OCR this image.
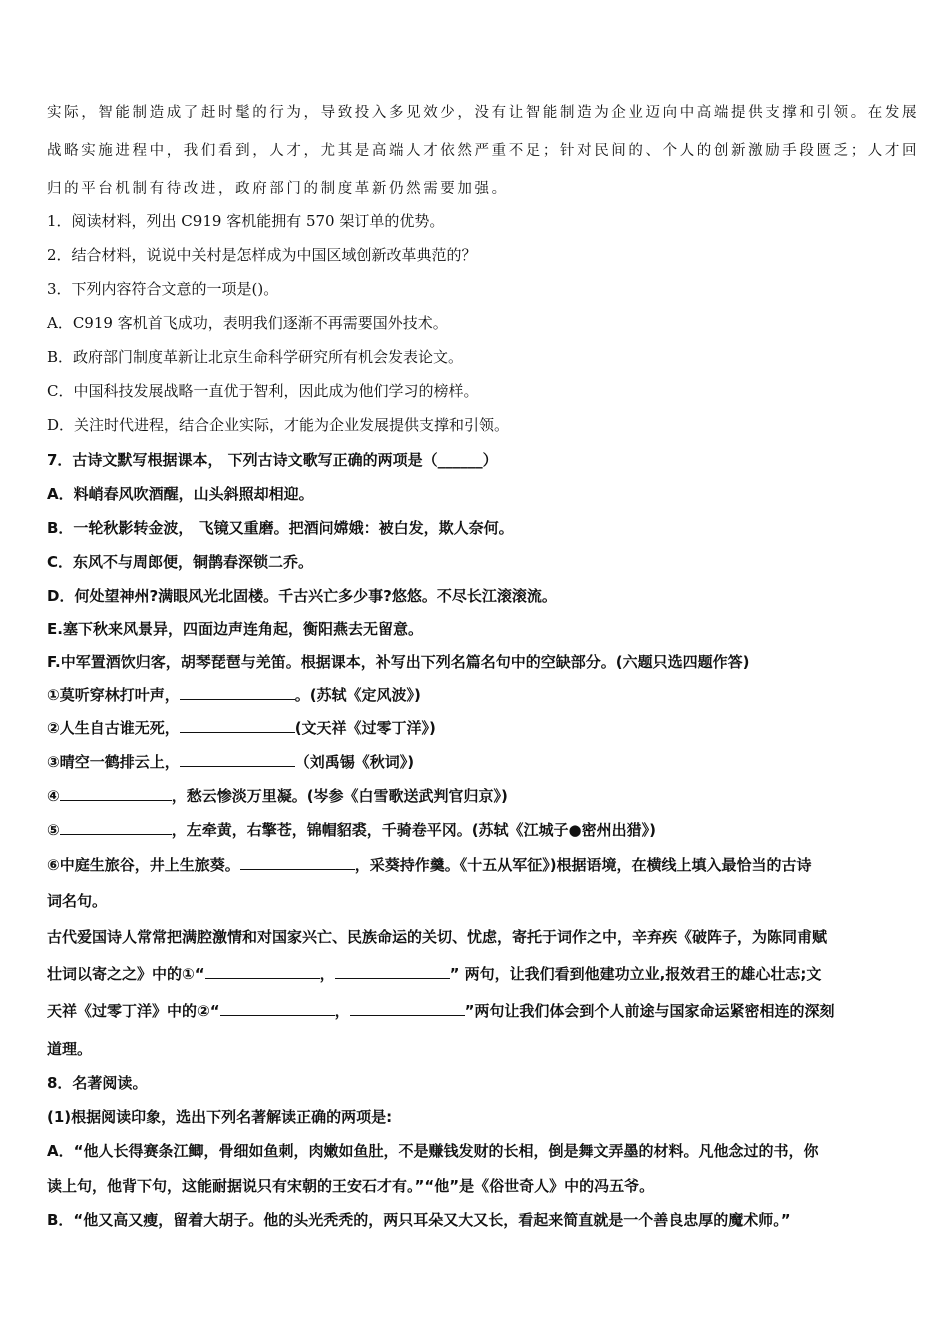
实际，智能制造成了赶时髦的行为，导致投入多见效少，没有让智能制造为企业迈向中高端提供支撑和引领。在发展
战略实施进程中，我们看到，人才，尤其是高端人才依然严重不足；针对民间的、个人的创新激励手段匮乏；人才回
归的平台机制有待改进，政府部门的制度革新仍然需要加强。
1．阅读材料，列出 C919 客机能拥有 570 架订单的优势。
2．结合材料，说说中关村是怎样成为中国区域创新改革典范的？
3．下列内容符合文意的一项是()。
A．C919 客机首飞成功，表明我们逐渐不再需要国外技术。
B．政府部门制度革新让北京生命科学研究所有机会发表论文。
C．中国科技发展战略一直优于智利，因此成为他们学习的榜样。
D．关注时代进程，结合企业实际，才能为企业发展提供支撑和引领。
7．古诗文默写根据课本， 下列古诗文歌写正确的两项是（______）
A．料峭春风吹酒醒，山头斜照却相迎。
B．一轮秋影转金波， 飞镜又重磨。把酒问嫦娥：被白发，欺人奈何。
C．东风不与周郎便，铜鹊春深锁二乔。
D．何处望神州?满眼风光北固楼。千古兴亡多少事?悠悠。不尽长江滚滚流。
E.塞下秋来风景异，四面边声连角起，衡阳燕去无留意。
F.中军置酒饮归客，胡琴琵琶与羌笛。根据课本，补写出下列名篇名句中的空缺部分。(六题只选四题作答)
①莫听穿林打叶声，	。(苏轼《定风波》)
②人生自古谁无死，	(文天祥《过零丁洋》)
③晴空一鹤排云上，	（刘禹锡《秋词》)
④	，愁云惨淡万里凝。(岑参《白雪歌送武判官归京》)
⑤	，左牵黄，右擎苍，锦帽貂裘，千骑卷平冈。(苏轼《江城子●密州出猎》)
⑥中庭生旅谷，井上生旅葵。	，采葵持作羹。《十五从军征》)根据语境，在横线上填入最恰当的古诗
词名句。
古代爱国诗人常常把满腔激情和对国家兴亡、民族命运的关切、忧虑，寄托于词作之中，辛弃疾《破阵子，为陈同甫赋
壮词以寄之之》中的①“	，	” 两句，让我们看到他建功立业,报效君王的雄心壮志;文
天祥《过零丁洋》中的②“	，	”两句让我们体会到个人前途与国家命运紧密相连的深刻
道理。
8．名著阅读。
(1)根据阅读印象，选出下列名著解读正确的两项是:
A．“他人长得赛条江鲫，骨细如鱼刺，肉嫩如鱼肚，不是赚钱发财的长相，倒是舞文弄墨的材料。凡他念过的书，你
读上句，他背下句，这能耐据说只有宋朝的王安石才有。”“他”是《俗世奇人》中的冯五爷。
B．“他又高又瘦，留着大胡子。他的头光秃秃的，两只耳朵又大又长，看起来简直就是一个善良忠厚的魔术师。”
